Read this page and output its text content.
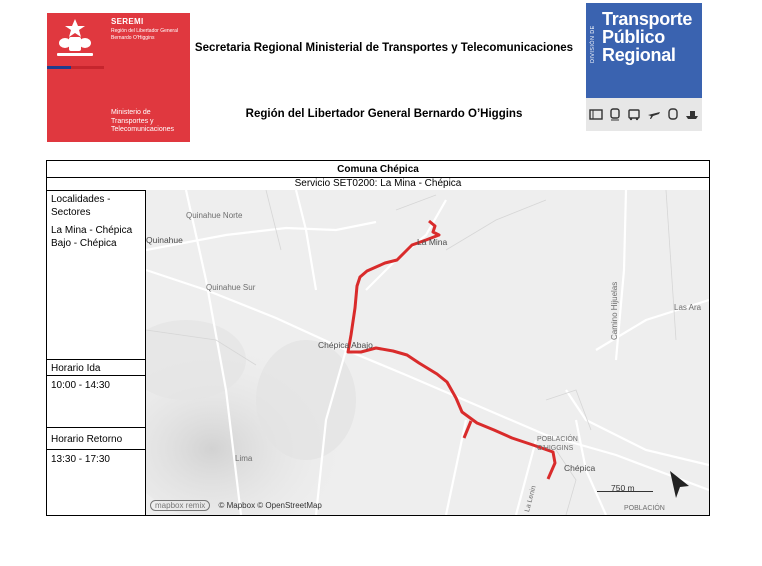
SEREMI
Región del Libertador General Bernardo O'Higgins
Ministerio de Transportes y Telecomunicaciones
Secretaria Regional Ministerial de Transportes y Telecomunicaciones
Región del Libertador General Bernardo O’Higgins
DIVISIÓN DE
Transporte
Público
Regional
Comuna Chépica
Servicio SET0200: La Mina - Chépica
Localidades - Sectores
La Mina - Chépica Bajo - Chépica
Horario Ida
10:00 - 14:30
Horario Retorno
13:30 - 17:30
Quinahue Norte
Quinahue	La Mina
Quinahue Sur	Camino Hijuelas	Las Ara
Chépica Abajo
POBLACIÓN O'HIGGINS
Chépica
Lima
La Lenin	POBLACIÓN
750 m
mapbox remix © Mapbox © OpenStreetMap
